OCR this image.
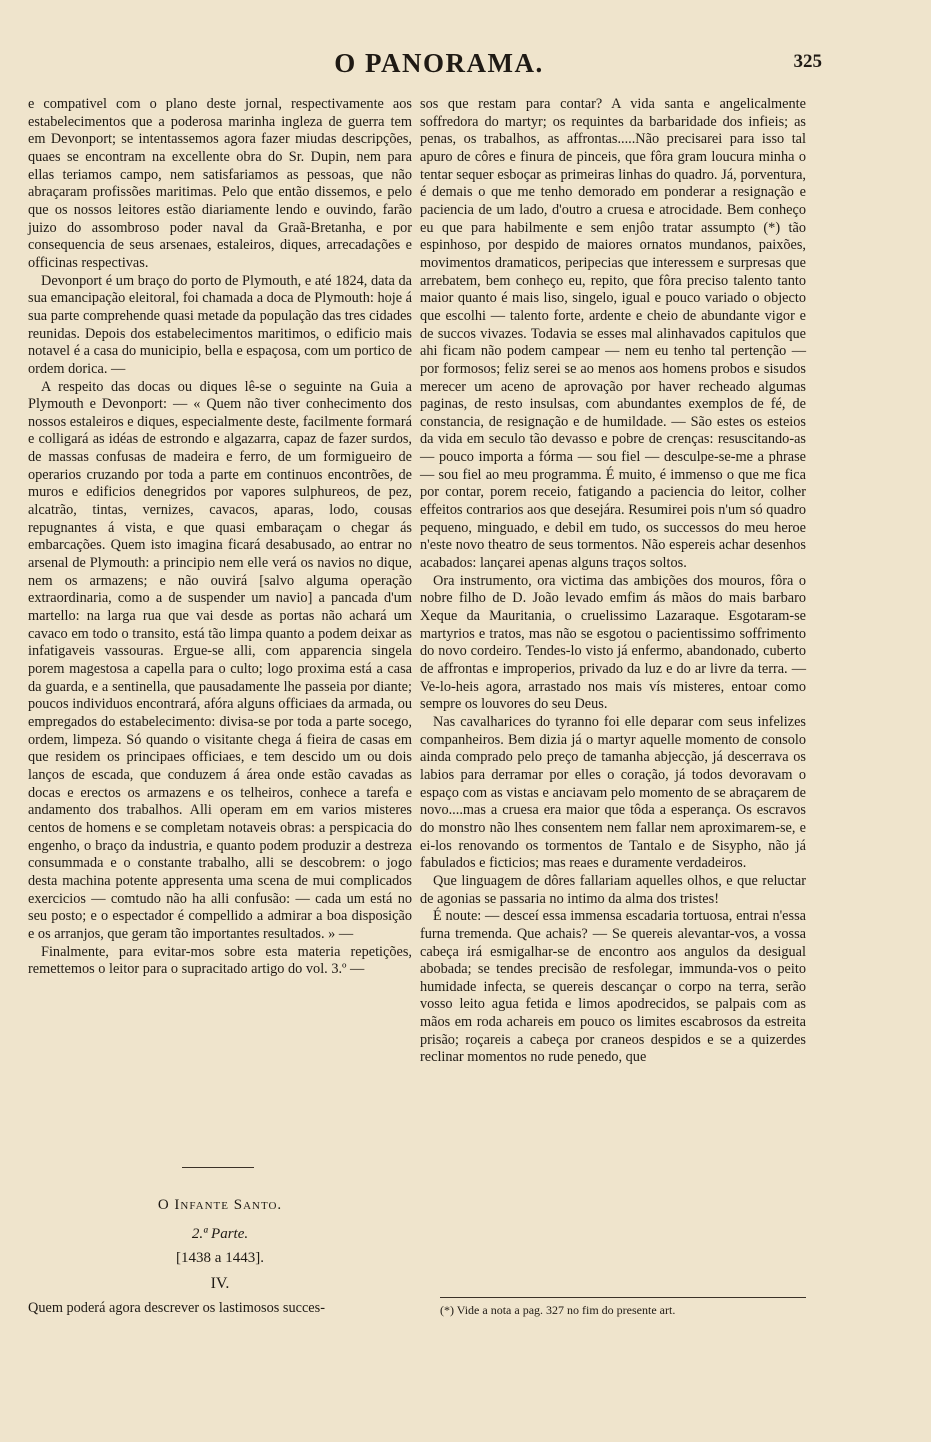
O PANORAMA.	325

e compativel com o plano deste jornal, respectivamente aos estabelecimentos que a poderosa marinha ingleza de guerra tem em Devonport; se intentassemos agora fazer miudas descripções, quaes se encontram na excellente obra do Sr. Dupin, nem para ellas teriamos campo, nem satisfariamos as pessoas, que não abraçaram profissões maritimas. Pelo que então dissemos, e pelo que os nossos leitores estão diariamente lendo e ouvindo, farão juizo do assombroso poder naval da Graã-Bretanha, e por consequencia de seus arsenaes, estaleiros, diques, arrecadações e officinas respectivas.

Devonport é um braço do porto de Plymouth, e até 1824, data da sua emancipação eleitoral, foi chamada a doca de Plymouth: hoje á sua parte comprehende quasi metade da população das tres cidades reunidas. Depois dos estabelecimentos maritimos, o edificio mais notavel é a casa do municipio, bella e espaçosa, com um portico de ordem dorica. —

A respeito das docas ou diques lê-se o seguinte na Guia a Plymouth e Devonport: — « Quem não tiver conhecimento dos nossos estaleiros e diques, especialmente deste, facilmente formará e colligará as idéas de estrondo e algazarra, capaz de fazer surdos, de massas confusas de madeira e ferro, de um formigueiro de operarios cruzando por toda a parte em continuos encontrões, de muros e edificios denegridos por vapores sulphureos, de pez, alcatrão, tintas, vernizes, cavacos, aparas, lodo, cousas repugnantes á vista, e que quasi embaraçam o chegar ás embarcações. Quem isto imagina ficará desabusado, ao entrar no arsenal de Plymouth: a principio nem elle verá os navios no dique, nem os armazens; e não ouvirá [salvo alguma operação extraordinaria, como a de suspender um navio] a pancada d'um martello: na larga rua que vai desde as portas não achará um cavaco em todo o transito, está tão limpa quanto a podem deixar as infatigaveis vassouras. Ergue-se alli, com apparencia singela porem magestosa a capella para o culto; logo proxima está a casa da guarda, e a sentinella, que pausadamente lhe passeia por diante; poucos individuos encontrará, afóra alguns officiaes da armada, ou empregados do estabelecimento: divisa-se por toda a parte socego, ordem, limpeza. Só quando o visitante chega á fieira de casas em que residem os principaes officiaes, e tem descido um ou dois lanços de escada, que conduzem á área onde estão cavadas as docas e erectos os armazens e os telheiros, conhece a tarefa e andamento dos trabalhos. Alli operam em em varios misteres centos de homens e se completam notaveis obras: a perspicacia do engenho, o braço da industria, e quanto podem produzir a destreza consummada e o constante trabalho, alli se descobrem: o jogo desta machina potente appresenta uma scena de mui complicados exercicios — comtudo não ha alli confusão: — cada um está no seu posto; e o espectador é compellido a admirar a boa disposição e os arranjos, que geram tão importantes resultados. » —

Finalmente, para evitar-mos sobre esta materia repetições, remettemos o leitor para o supracitado artigo do vol. 3.º —

O Infante Santo.
2.ª Parte.
[1438 a 1443].
IV.
Quem poderá agora descrever os lastimosos succes-

sos que restam para contar? A vida santa e angelicalmente soffredora do martyr; os requintes da barbaridade dos infieis; as penas, os trabalhos, as affrontas.....Não precisarei para isso tal apuro de côres e finura de pinceis, que fôra gram loucura minha o tentar sequer esboçar as primeiras linhas do quadro. Já, porventura, é demais o que me tenho demorado em ponderar a resignação e paciencia de um lado, d'outro a cruesa e atrocidade. Bem conheço eu que para habilmente e sem enjôo tratar assumpto (*) tão espinhoso, por despido de maiores ornatos mundanos, paixões, movimentos dramaticos, peripecias que interessem e surpresas que arrebatem, bem conheço eu, repito, que fôra preciso talento tanto maior quanto é mais liso, singelo, igual e pouco variado o objecto que escolhi — talento forte, ardente e cheio de abundante vigor e de succos vivazes. Todavia se esses mal alinhavados capitulos que ahi ficam não podem campear — nem eu tenho tal pertenção — por formosos; feliz serei se ao menos aos homens probos e sisudos merecer um aceno de aprovação por haver recheado algumas paginas, de resto insulsas, com abundantes exemplos de fé, de constancia, de resignação e de humildade. — São estes os esteios da vida em seculo tão devasso e pobre de crenças: resuscitando-as — pouco importa a fórma — sou fiel — desculpe-se-me a phrase — sou fiel ao meu programma. É muito, é immenso o que me fica por contar, porem receio, fatigando a paciencia do leitor, colher effeitos contrarios aos que desejára. Resumirei pois n'um só quadro pequeno, minguado, e debil em tudo, os successos do meu heroe n'este novo theatro de seus tormentos. Não espereis achar desenhos acabados: lançarei apenas alguns traços soltos.

Ora instrumento, ora victima das ambições dos mouros, fôra o nobre filho de D. João levado emfim ás mãos do mais barbaro Xeque da Mauritania, o cruelissimo Lazaraque. Esgotaram-se martyrios e tratos, mas não se esgotou o pacientissimo soffrimento do novo cordeiro. Tendes-lo visto já enfermo, abandonado, cuberto de affrontas e improperios, privado da luz e do ar livre da terra. — Ve-lo-heis agora, arrastado nos mais vís misteres, entoar como sempre os louvores do seu Deus.

Nas cavalharices do tyranno foi elle deparar com seus infelizes companheiros. Bem dizia já o martyr aquelle momento de consolo ainda comprado pelo preço de tamanha abjecção, já descerrava os labios para derramar por elles o coração, já todos devoravam o espaço com as vistas e anciavam pelo momento de se abraçarem de novo....mas a cruesa era maior que tôda a esperança. Os escravos do monstro não lhes consentem nem fallar nem aproximarem-se, e ei-los renovando os tormentos de Tantalo e de Sisypho, não já fabulados e ficticios; mas reaes e duramente verdadeiros.

Que linguagem de dôres fallariam aquelles olhos, e que reluctar de agonias se passaria no intimo da alma dos tristes!

É noute: — desceí essa immensa escadaria tortuosa, entrai n'essa furna tremenda. Que achais? — Se quereis alevantar-vos, a vossa cabeça irá esmigalhar-se de encontro aos angulos da desigual abobada; se tendes precisão de resfolegar, immunda-vos o peito humidade infecta, se quereis descançar o corpo na terra, serão vosso leito agua fetida e limos apodrecidos, se palpais com as mãos em roda achareis em pouco os limites escabrosos da estreita prisão; roçareis a cabeça por craneos despidos e se a quizerdes reclinar momentos no rude penedo, que

(*) Vide a nota a pag. 327 no fim do presente art.
